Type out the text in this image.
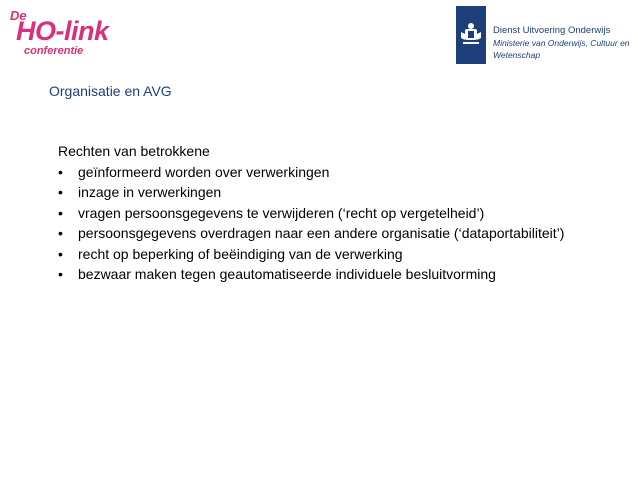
De
HO-link
conferentie
Dienst Uitvoering Onderwijs
Ministerie van Onderwijs, Cultuur en
Wetenschap
Organisatie en AVG
Rechten van betrokkene
• geïnformeerd worden over verwerkingen
• inzage in verwerkingen
• vragen persoonsgegevens te verwijderen (‘recht op vergetelheid’)
• persoonsgegevens overdragen naar een andere organisatie (‘dataportabiliteit’)
• recht op beperking of beëindiging van de verwerking
• bezwaar maken tegen geautomatiseerde individuele besluitvorming
